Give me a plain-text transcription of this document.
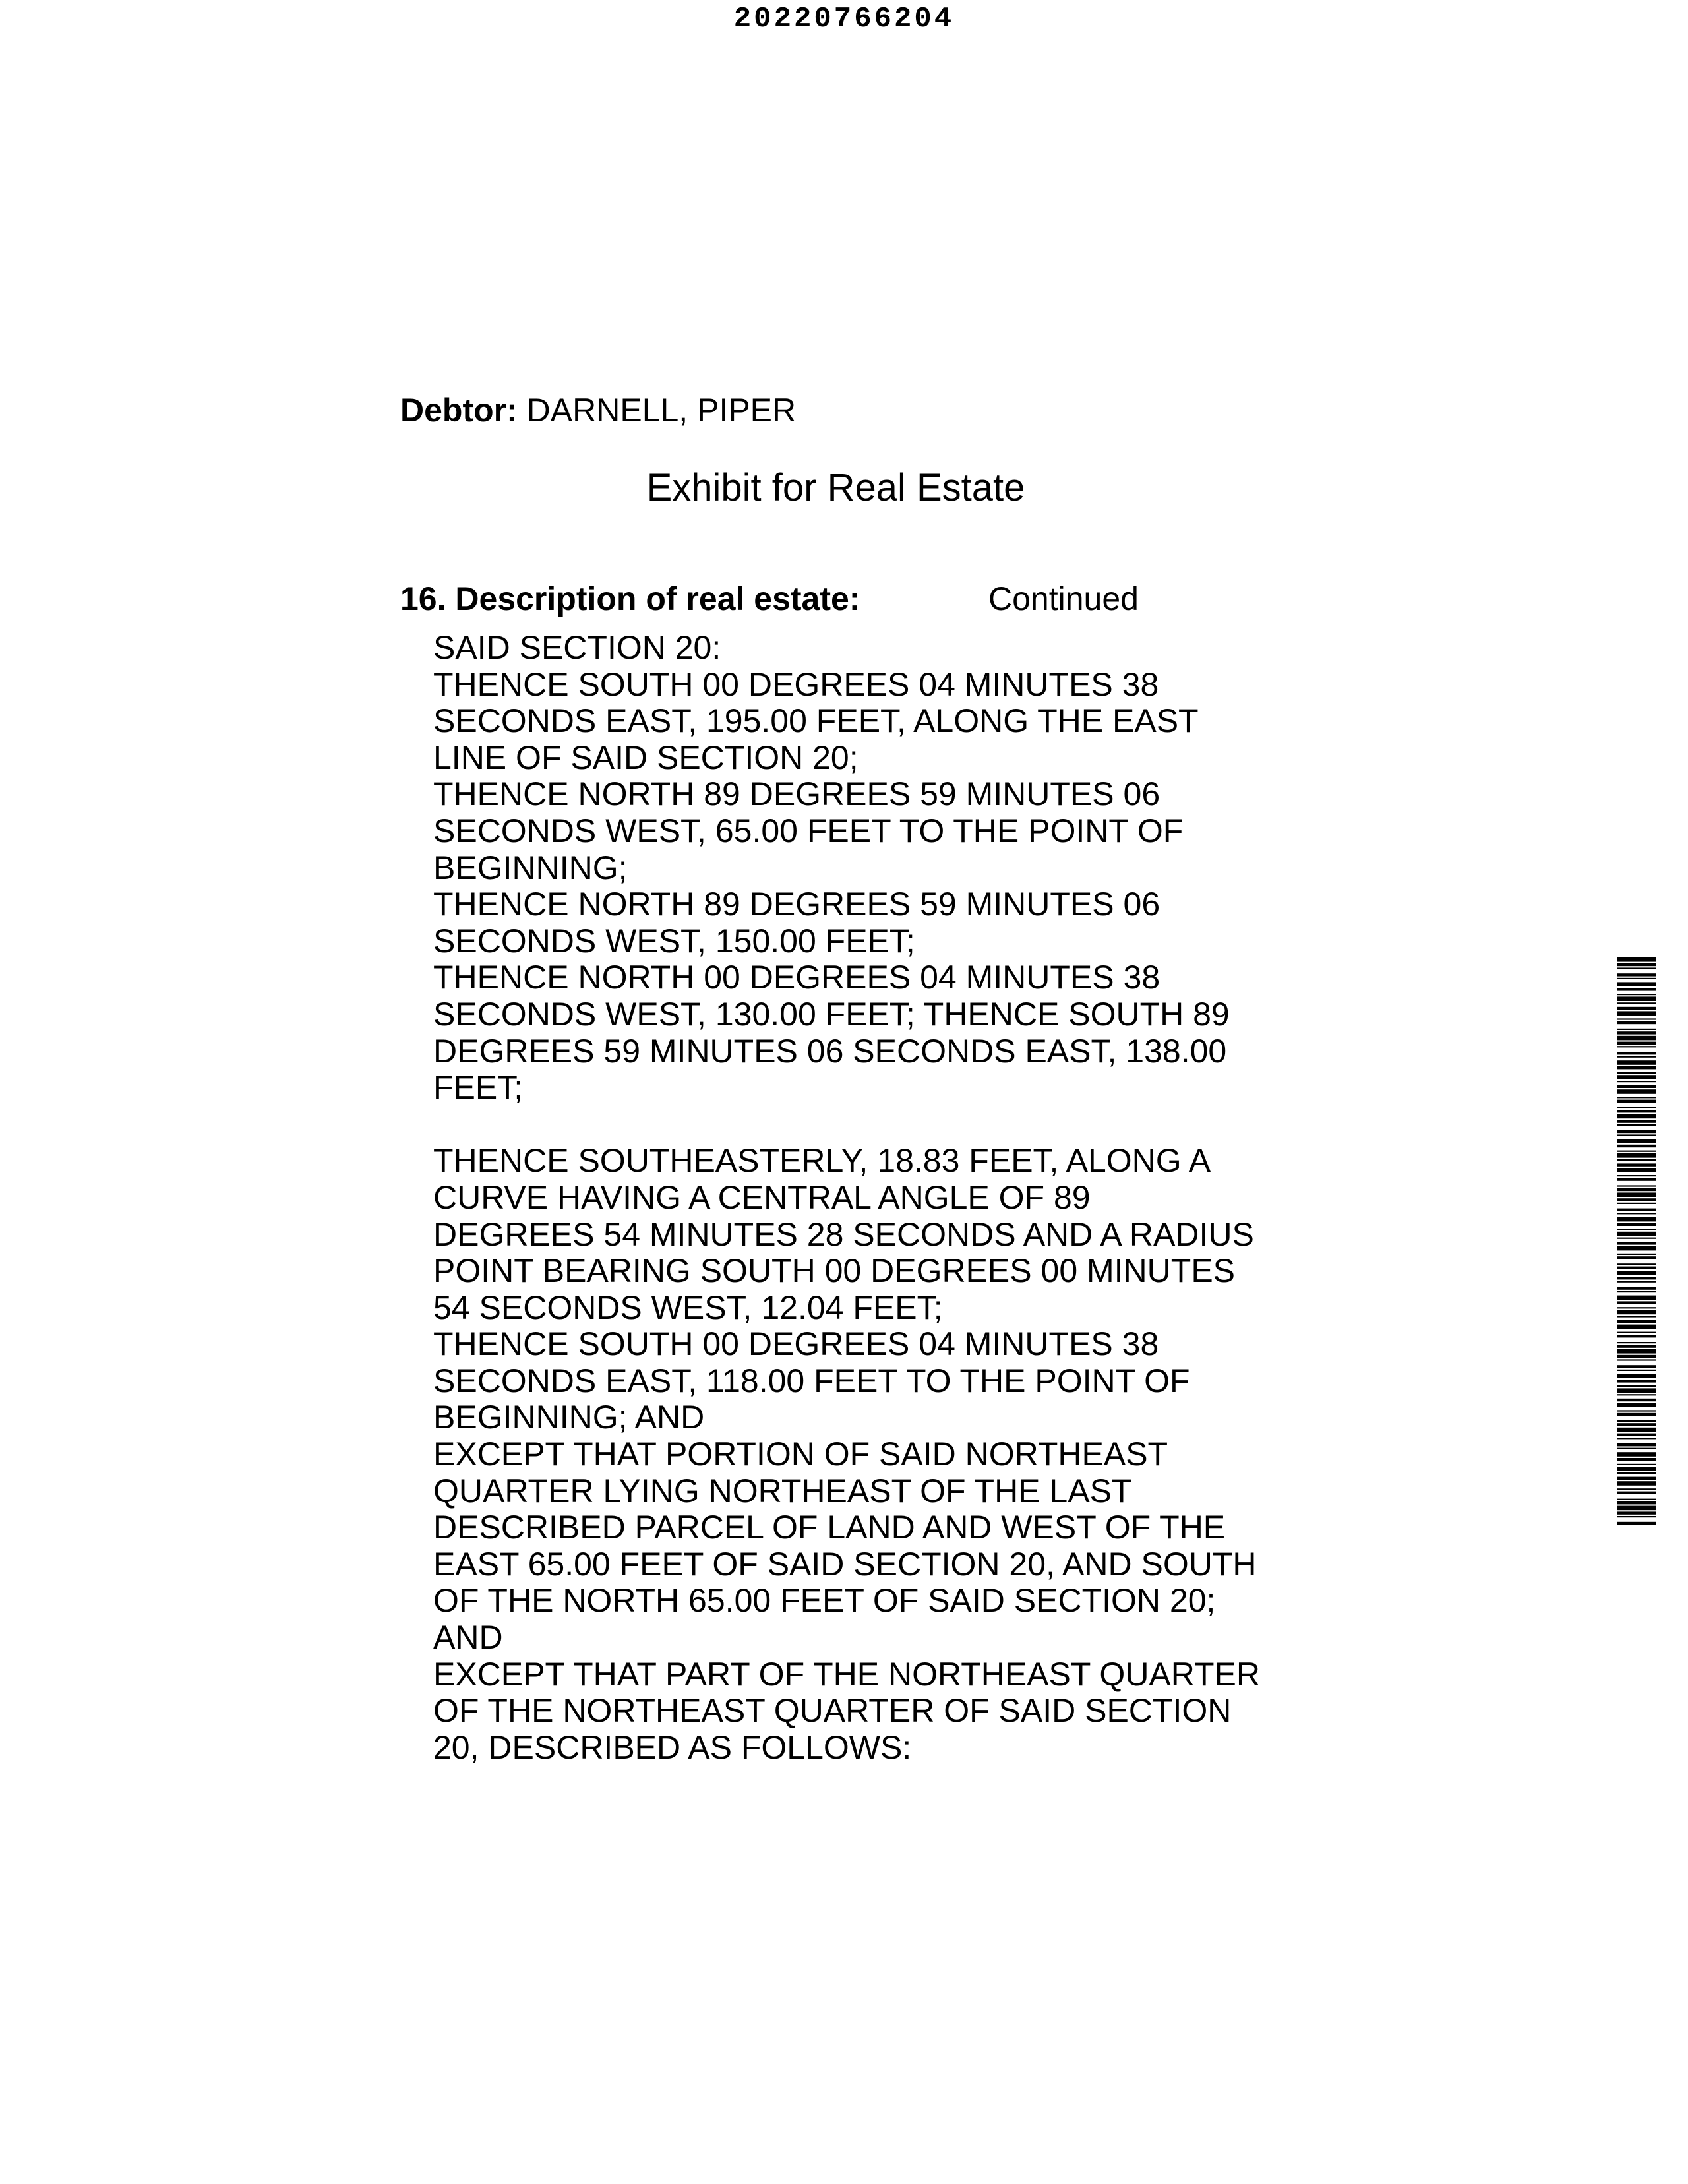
20220766204
Debtor: DARNELL, PIPER
Exhibit for Real Estate
16. Description of real estate:	Continued
SAID SECTION 20:
THENCE SOUTH 00 DEGREES 04 MINUTES 38
SECONDS EAST, 195.00 FEET, ALONG THE EAST
LINE OF SAID SECTION 20;
THENCE NORTH 89 DEGREES 59 MINUTES 06
SECONDS WEST, 65.00 FEET TO THE POINT OF
BEGINNING;
THENCE NORTH 89 DEGREES 59 MINUTES 06
SECONDS WEST, 150.00 FEET;
THENCE NORTH 00 DEGREES 04 MINUTES 38
SECONDS WEST, 130.00 FEET; THENCE SOUTH 89
DEGREES 59 MINUTES 06 SECONDS EAST, 138.00
FEET;
THENCE SOUTHEASTERLY, 18.83 FEET, ALONG A
CURVE HAVING A CENTRAL ANGLE OF 89
DEGREES 54 MINUTES 28 SECONDS AND A RADIUS
POINT BEARING SOUTH 00 DEGREES 00 MINUTES
54 SECONDS WEST, 12.04 FEET;
THENCE SOUTH 00 DEGREES 04 MINUTES 38
SECONDS EAST, 118.00 FEET TO THE POINT OF
BEGINNING; AND
EXCEPT THAT PORTION OF SAID NORTHEAST
QUARTER LYING NORTHEAST OF THE LAST
DESCRIBED PARCEL OF LAND AND WEST OF THE
EAST 65.00 FEET OF SAID SECTION 20, AND SOUTH
OF THE NORTH 65.00 FEET OF SAID SECTION 20;
AND
EXCEPT THAT PART OF THE NORTHEAST QUARTER
OF THE NORTHEAST QUARTER OF SAID SECTION
20, DESCRIBED AS FOLLOWS:
